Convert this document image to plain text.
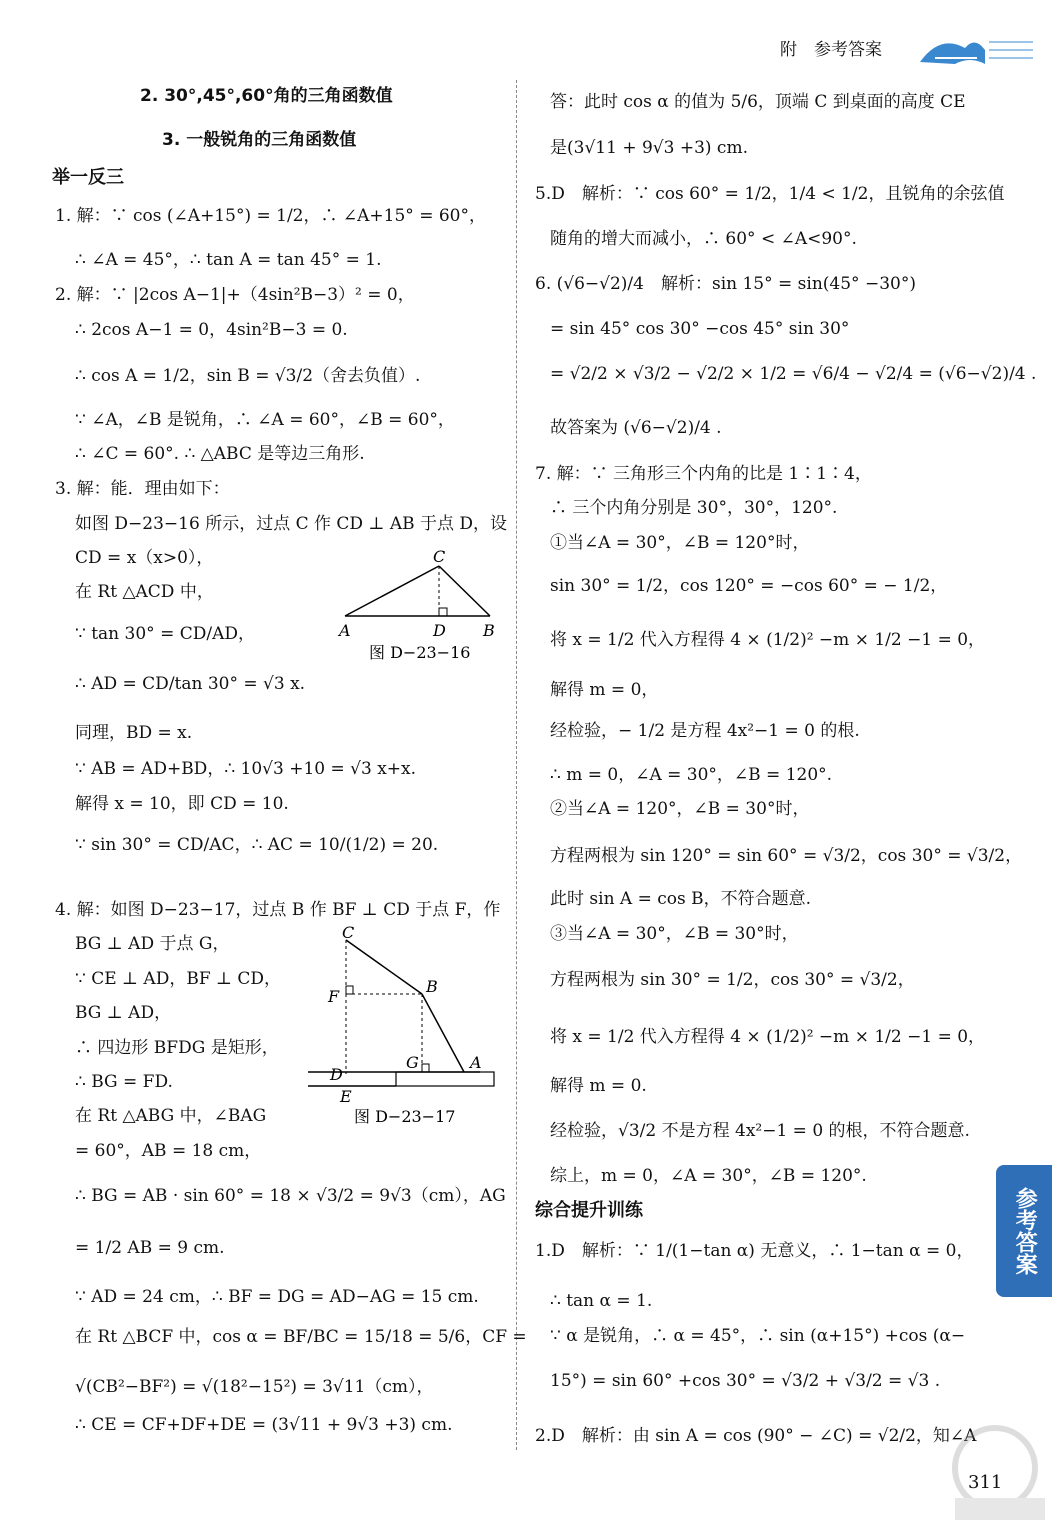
附　参考答案
2. 30°,45°,60°角的三角函数值
3. 一般锐角的三角函数值
举一反三
1. 解：∵ cos (∠A+15°) = 1/2，∴ ∠A+15° = 60°，
∴ ∠A = 45°，∴ tan A = tan 45° = 1.
2. 解：∵ |2cos A−1|+（4sin²B−3）² = 0，
∴ 2cos A−1 = 0，4sin²B−3 = 0.
∴ cos A = 1/2，sin B = √3/2（舍去负值）.
∵ ∠A，∠B 是锐角，∴ ∠A = 60°，∠B = 60°，
∴ ∠C = 60°. ∴ △ABC 是等边三角形.
3. 解：能．理由如下：
如图 D−23−16 所示，过点 C 作 CD ⊥ AB 于点 D，设
CD = x（x>0），
在 Rt △ACD 中，
∵ tan 30° = CD/AD，
∴ AD = CD/tan 30° = √3 x.
同理，BD = x.
∵ AB = AD+BD，∴ 10√3 +10 = √3 x+x.
解得 x = 10，即 CD = 10.
∵ sin 30° = CD/AC，∴ AC = 10/(1/2) = 20.
4. 解：如图 D−23−17，过点 B 作 BF ⊥ CD 于点 F，作
BG ⊥ AD 于点 G，
∵ CE ⊥ AD，BF ⊥ CD，
BG ⊥ AD，
∴ 四边形 BFDG 是矩形，
∴ BG = FD.
在 Rt △ABG 中，∠BAG
= 60°，AB = 18 cm，
∴ BG = AB · sin 60° = 18 × √3/2 = 9√3（cm），AG
= 1/2 AB = 9 cm.
∵ AD = 24 cm，∴ BF = DG = AD−AG = 15 cm.
在 Rt △BCF 中，cos α = BF/BC = 15/18 = 5/6，CF =
√(CB²−BF²) = √(18²−15²) = 3√11（cm），
∴ CE = CF+DF+DE = (3√11 + 9√3 +3) cm.
C
A	D B
图 D−23−16
C
F
B
G	A
D
E
图 D−23−17
答：此时 cos α 的值为 5/6，顶端 C 到桌面的高度 CE
是(3√11 + 9√3 +3) cm.
5.D　解析：∵ cos 60° = 1/2，1/4 < 1/2，且锐角的余弦值
随角的增大而减小，∴ 60° < ∠A<90°.
6. (√6−√2)/4　解析：sin 15° = sin(45° −30°)
= sin 45° cos 30° −cos 45° sin 30°
= √2/2 × √3/2 − √2/2 × 1/2 = √6/4 − √2/4 = (√6−√2)/4 .
故答案为 (√6−√2)/4 .
7. 解：∵ 三角形三个内角的比是 1∶1∶4，
∴ 三个内角分别是 30°，30°，120°.
①当∠A = 30°，∠B = 120°时，
sin 30° = 1/2，cos 120° = −cos 60° = − 1/2，
将 x = 1/2 代入方程得 4 × (1/2)² −m × 1/2 −1 = 0，
解得 m = 0，
经检验，− 1/2 是方程 4x²−1 = 0 的根.
∴ m = 0，∠A = 30°，∠B = 120°.
②当∠A = 120°，∠B = 30°时，
方程两根为 sin 120° = sin 60° = √3/2，cos 30° = √3/2，
此时 sin A = cos B，不符合题意.
③当∠A = 30°，∠B = 30°时，
方程两根为 sin 30° = 1/2，cos 30° = √3/2，
将 x = 1/2 代入方程得 4 × (1/2)² −m × 1/2 −1 = 0，
解得 m = 0.
经检验，√3/2 不是方程 4x²−1 = 0 的根，不符合题意.
综上，m = 0，∠A = 30°，∠B = 120°.
综合提升训练
1.D　解析：∵ 1/(1−tan α) 无意义，∴ 1−tan α = 0，
∴ tan α = 1.
∵ α 是锐角，∴ α = 45°，∴ sin (α+15°) +cos (α−
15°) = sin 60° +cos 30° = √3/2 + √3/2 = √3 .
2.D　解析：由 sin A = cos (90° − ∠C) = √2/2，知∠A
参考答案
311
